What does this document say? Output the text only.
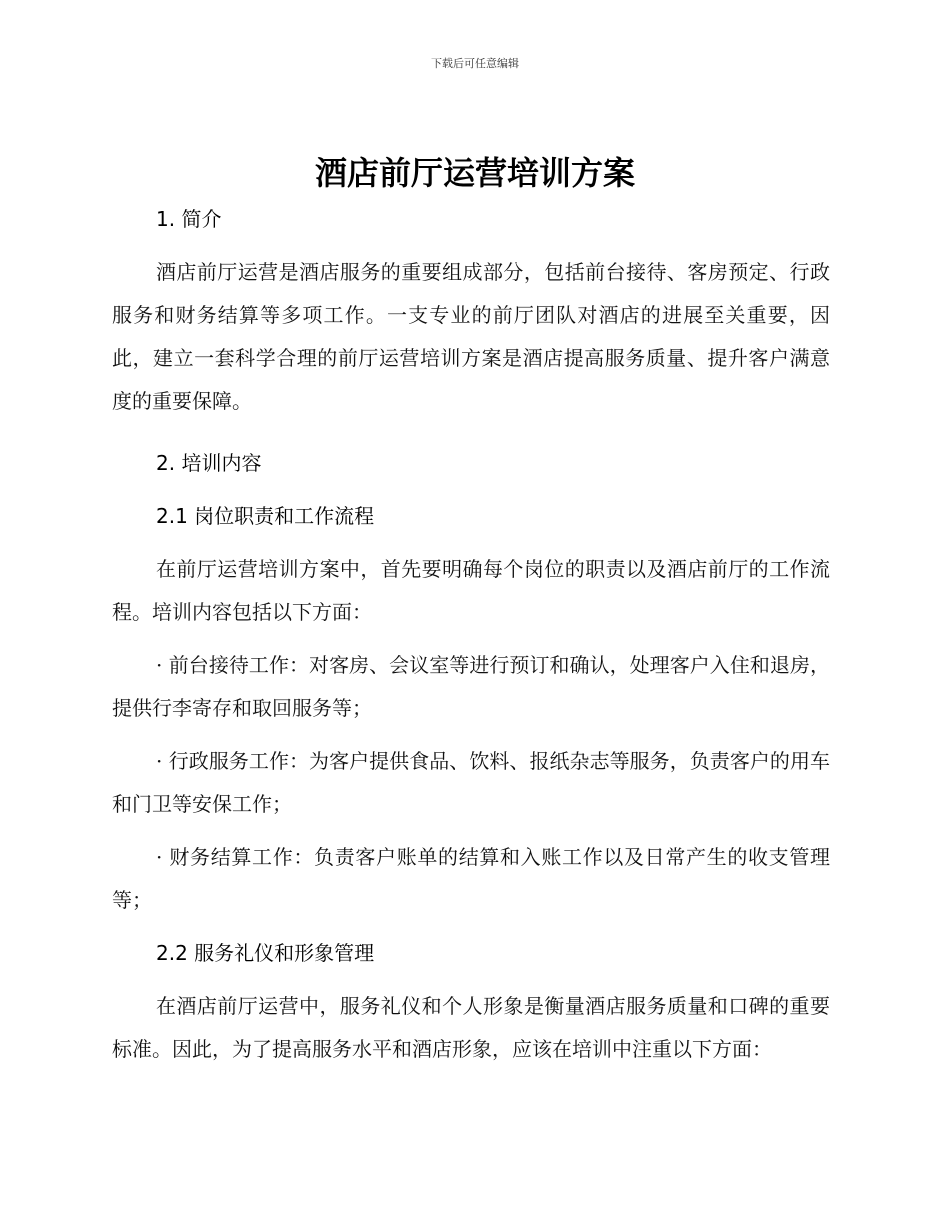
下载后可任意编辑
酒店前厅运营培训方案

1. 简介

酒店前厅运营是酒店服务的重要组成部分，包括前台接待、客房预定、行政服务和财务结算等多项工作。一支专业的前厅团队对酒店的进展至关重要，因此，建立一套科学合理的前厅运营培训方案是酒店提高服务质量、提升客户满意度的重要保障。

2. 培训内容

2.1 岗位职责和工作流程

在前厅运营培训方案中，首先要明确每个岗位的职责以及酒店前厅的工作流程。培训内容包括以下方面：

· 前台接待工作：对客房、会议室等进行预订和确认，处理客户入住和退房，提供行李寄存和取回服务等；

· 行政服务工作：为客户提供食品、饮料、报纸杂志等服务，负责客户的用车和门卫等安保工作；

· 财务结算工作：负责客户账单的结算和入账工作以及日常产生的收支管理等；

2.2 服务礼仪和形象管理

在酒店前厅运营中，服务礼仪和个人形象是衡量酒店服务质量和口碑的重要标准。因此，为了提高服务水平和酒店形象，应该在培训中注重以下方面：
